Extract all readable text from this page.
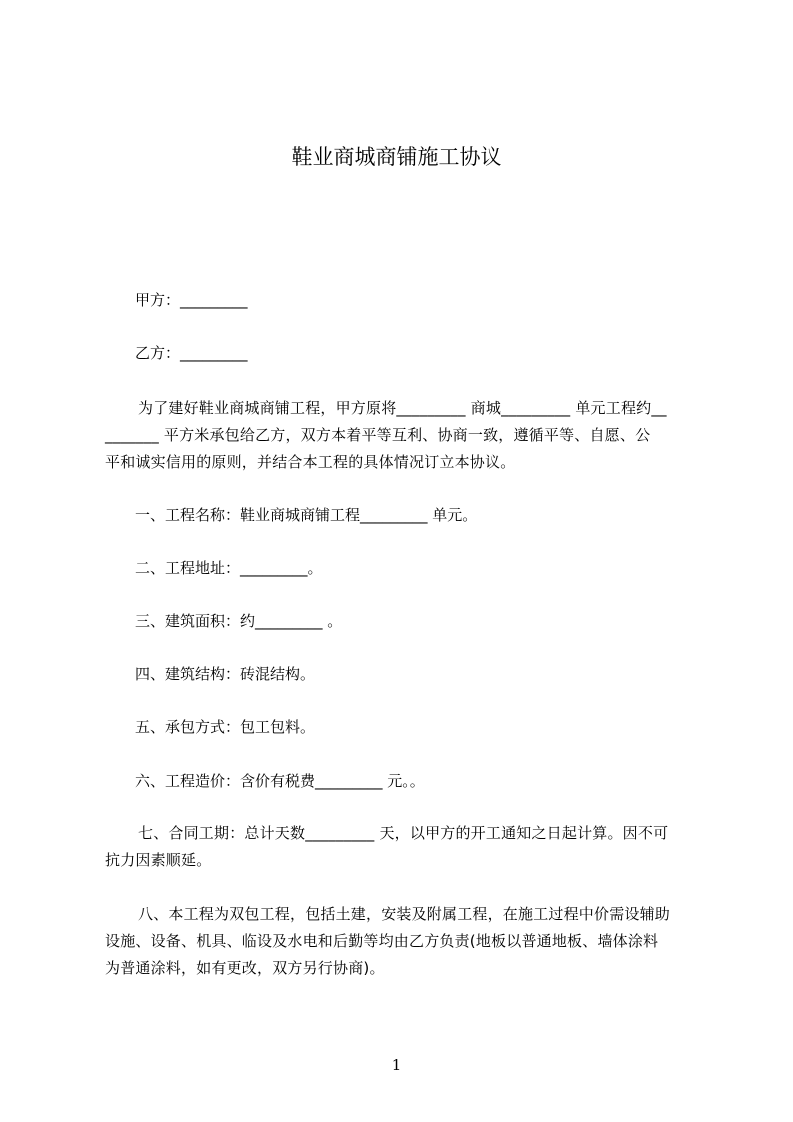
鞋业商城商铺施工协议
甲方：_________
乙方：_________
为了建好鞋业商城商铺工程，甲方原将_________ 商城_________ 单元工程约__
_______ 平方米承包给乙方，双方本着平等互利、协商一致，遵循平等、自愿、公
平和诚实信用的原则，并结合本工程的具体情况订立本协议。
一、工程名称：鞋业商城商铺工程_________ 单元。
二、工程地址：_________。
三、建筑面积：约_________ 。
四、建筑结构：砖混结构。
五、承包方式：包工包料。
六、工程造价：含价有税费_________ 元。。
七、合同工期：总计天数_________ 天，以甲方的开工通知之日起计算。因不可
抗力因素顺延。
八、本工程为双包工程，包括土建，安装及附属工程，在施工过程中价需设辅助
设施、设备、机具、临设及水电和后勤等均由乙方负责(地板以普通地板、墙体涂料
为普通涂料，如有更改，双方另行协商)。
1
